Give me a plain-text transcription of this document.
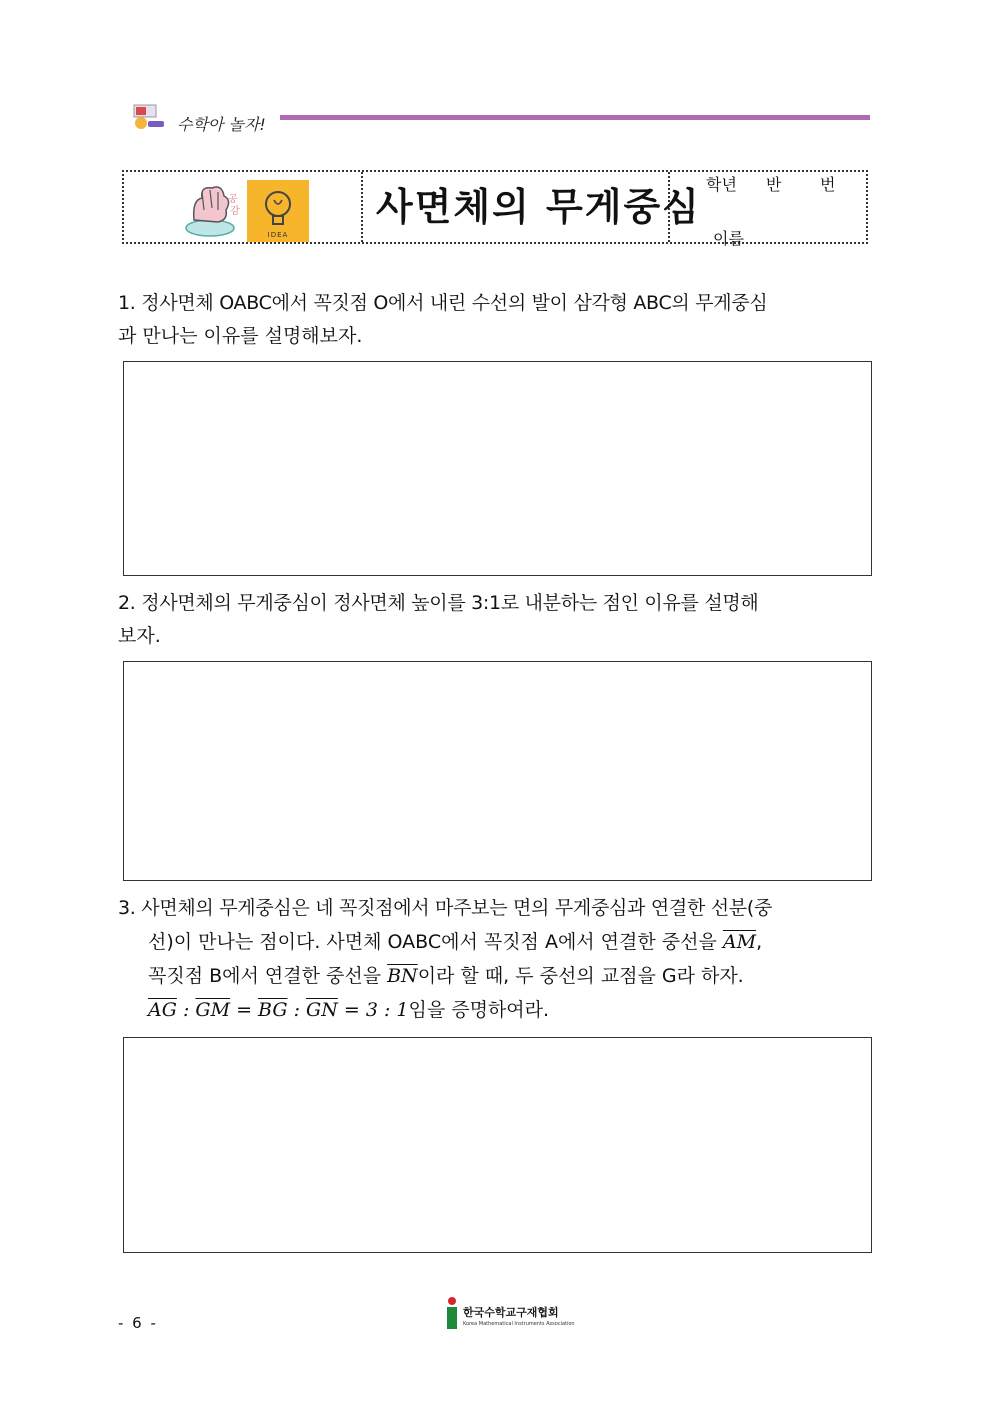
수학아 놀자!
공
감
IDEA
사면체의 무게중심
학년 반 번
이름
1. 정사면체 OABC에서 꼭짓점 O에서 내린 수선의 발이 삼각형 ABC의 무게중심
과 만나는 이유를 설명해보자.
2. 정사면체의 무게중심이 정사면체 높이를 3:1로 내분하는 점인 이유를 설명해
보자.
3. 사면체의 무게중심은 네 꼭짓점에서 마주보는 면의 무게중심과 연결한 선분(중
선)이 만나는 점이다. 사면체 OABC에서 꼭짓점 A에서 연결한 중선을 $\overline{AM}$,
꼭짓점 B에서 연결한 중선을 $\overline{BN}$이라 할 때, 두 중선의 교점을 G라 하자.
$\overline{AG}$ : $\overline{GM} = \overline{BG}$ : $\overline{GN} = 3$ : 1임을 증명하여라.
- 6 -
한국수학교구재협회
Korea Mathematical Instruments Association
